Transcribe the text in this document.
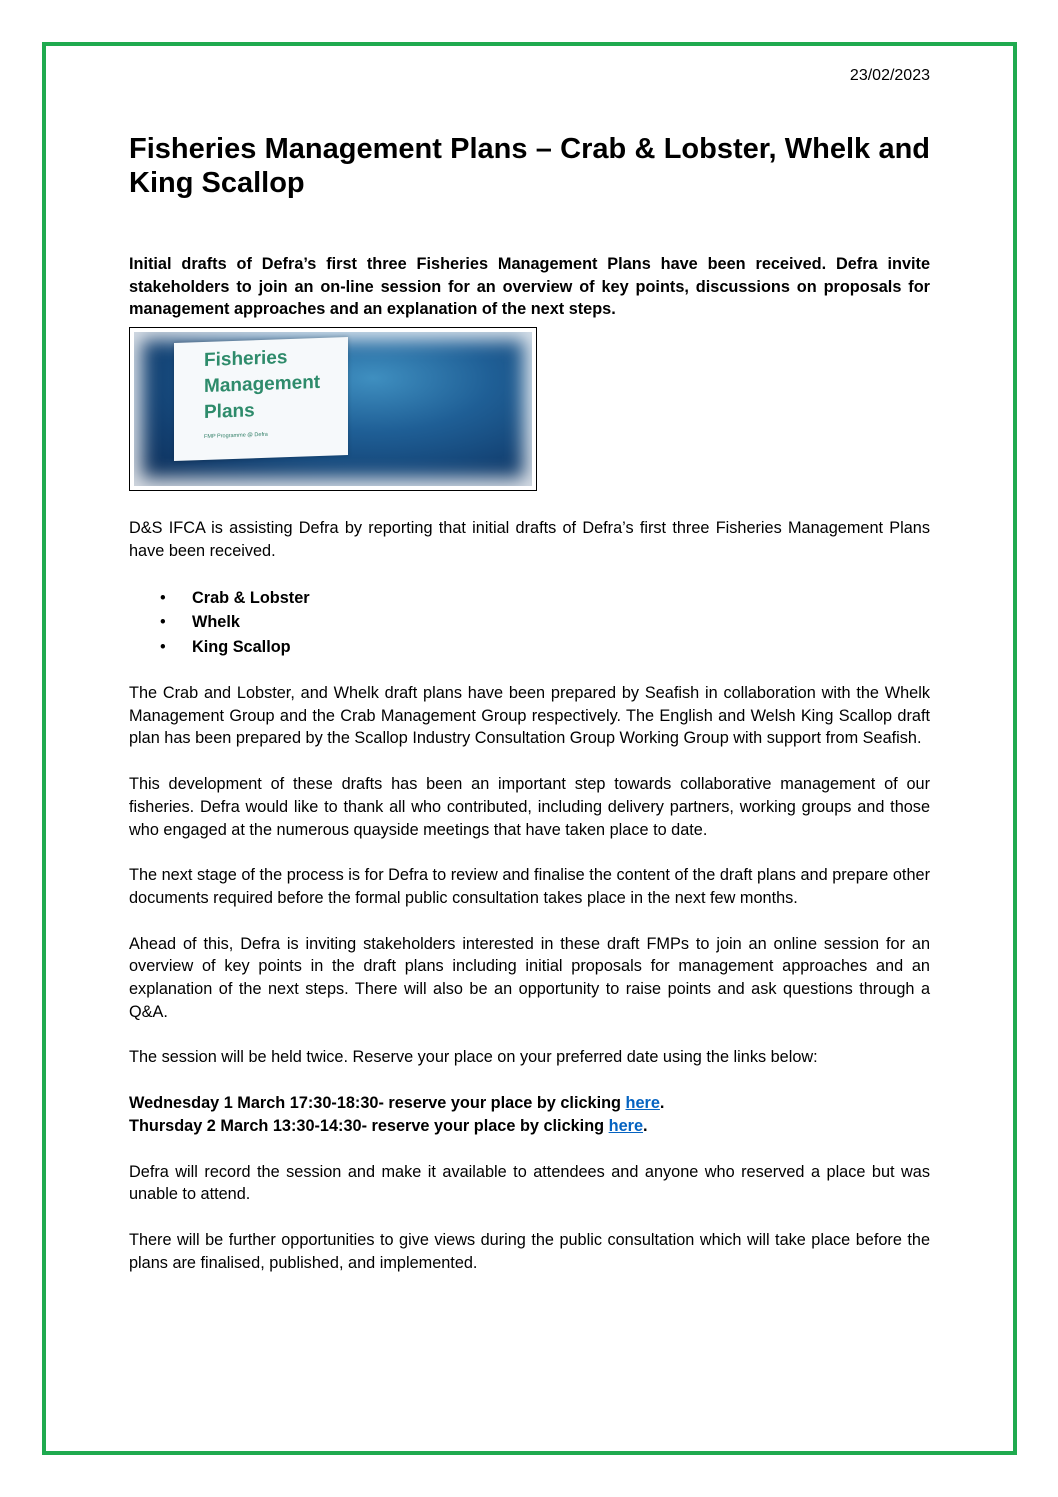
23/02/2023
Fisheries Management Plans – Crab & Lobster, Whelk and King Scallop

Initial drafts of Defra’s first three Fisheries Management Plans have been received. Defra invite stakeholders to join an on-line session for an overview of key points, discussions on proposals for management approaches and an explanation of the next steps.

Fisheries
Management
Plans
FMP Programme @ Defra

D&S IFCA is assisting Defra by reporting that initial drafts of Defra’s first three Fisheries Management Plans have been received.

• Crab & Lobster
• Whelk
• King Scallop

The Crab and Lobster, and Whelk draft plans have been prepared by Seafish in collaboration with the Whelk Management Group and the Crab Management Group respectively. The English and Welsh King Scallop draft plan has been prepared by the Scallop Industry Consultation Group Working Group with support from Seafish.

This development of these drafts has been an important step towards collaborative management of our fisheries. Defra would like to thank all who contributed, including delivery partners, working groups and those who engaged at the numerous quayside meetings that have taken place to date.

The next stage of the process is for Defra to review and finalise the content of the draft plans and prepare other documents required before the formal public consultation takes place in the next few months.

Ahead of this, Defra is inviting stakeholders interested in these draft FMPs to join an online session for an overview of key points in the draft plans including initial proposals for management approaches and an explanation of the next steps. There will also be an opportunity to raise points and ask questions through a Q&A.

The session will be held twice. Reserve your place on your preferred date using the links below:

Wednesday 1 March 17:30-18:30- reserve your place by clicking here.
Thursday 2 March 13:30-14:30- reserve your place by clicking here.

Defra will record the session and make it available to attendees and anyone who reserved a place but was unable to attend.

There will be further opportunities to give views during the public consultation which will take place before the plans are finalised, published, and implemented.
